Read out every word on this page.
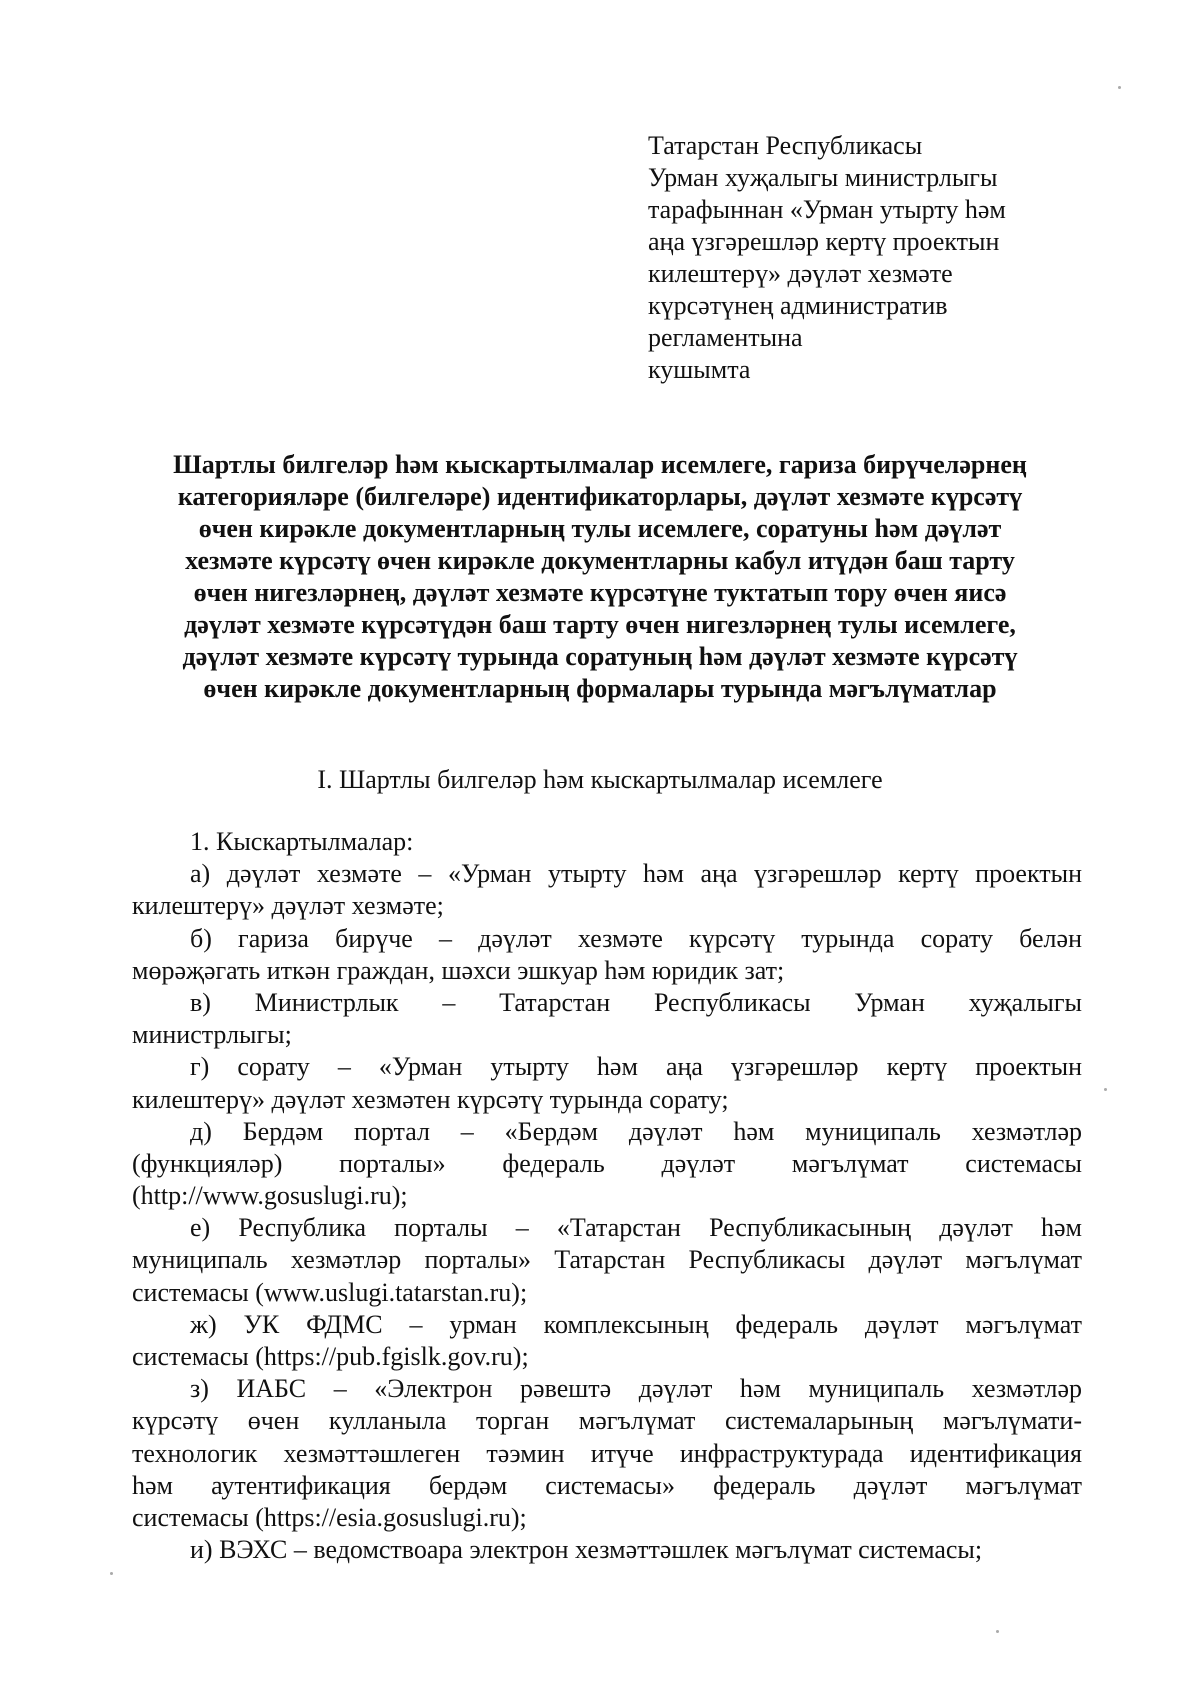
Татарстан Республикасы
Урман хуҗалыгы министрлыгы
тарафыннан «Урман утырту һәм
аңа үзгәрешләр кертү проектын
килештерү» дәүләт хезмәте
күрсәтүнең административ
регламентына
кушымта
Шартлы билгеләр һәм кыскартылмалар исемлеге, гариза бирүчеләрнең
категорияләре (билгеләре) идентификаторлары, дәүләт хезмәте күрсәтү
өчен кирәкле документларның тулы исемлеге, соратуны һәм дәүләт
хезмәте күрсәтү өчен кирәкле документларны кабул итүдән баш тарту
өчен нигезләрнең, дәүләт хезмәте күрсәтүне туктатып тору өчен яисә
дәүләт хезмәте күрсәтүдән баш тарту өчен нигезләрнең тулы исемлеге,
дәүләт хезмәте күрсәтү турында соратуның һәм дәүләт хезмәте күрсәтү
өчен кирәкле документларның формалары турында мәгълүматлар
I. Шартлы билгеләр һәм кыскартылмалар исемлеге
1. Кыскартылмалар:
а) дәүләт хезмәте – «Урман утырту һәм аңа үзгәрешләр кертү проектын
килештерү» дәүләт хезмәте;
б) гариза бирүче – дәүләт хезмәте күрсәтү турында сорату белән
мөрәҗәгать иткән граждан, шәхси эшкуар һәм юридик зат;
в) Министрлык – Татарстан Республикасы Урман хуҗалыгы
министрлыгы;
г) сорату – «Урман утырту һәм аңа үзгәрешләр кертү проектын
килештерү» дәүләт хезмәтен күрсәтү турында сорату;
д) Бердәм портал – «Бердәм дәүләт һәм муниципаль хезмәтләр
(функцияләр) порталы» федераль дәүләт мәгълүмат системасы
(http://www.gosuslugi.ru);
е) Республика порталы – «Татарстан Республикасының дәүләт һәм
муниципаль хезмәтләр порталы» Татарстан Республикасы дәүләт мәгълүмат
системасы (www.uslugi.tatarstan.ru);
ж) УК ФДМС – урман комплексының федераль дәүләт мәгълүмат
системасы (https://pub.fgislk.gov.ru);
з) ИАБС – «Электрон рәвештә дәүләт һәм муниципаль хезмәтләр
күрсәтү өчен кулланыла торган мәгълүмат системаларының мәгълүмати-
технологик хезмәттәшлеген тәэмин итүче инфраструктурада идентификация
һәм аутентификация бердәм системасы» федераль дәүләт мәгълүмат
системасы (https://esia.gosuslugi.ru);
и) ВЭХС – ведомствоара электрон хезмәттәшлек мәгълүмат системасы;
